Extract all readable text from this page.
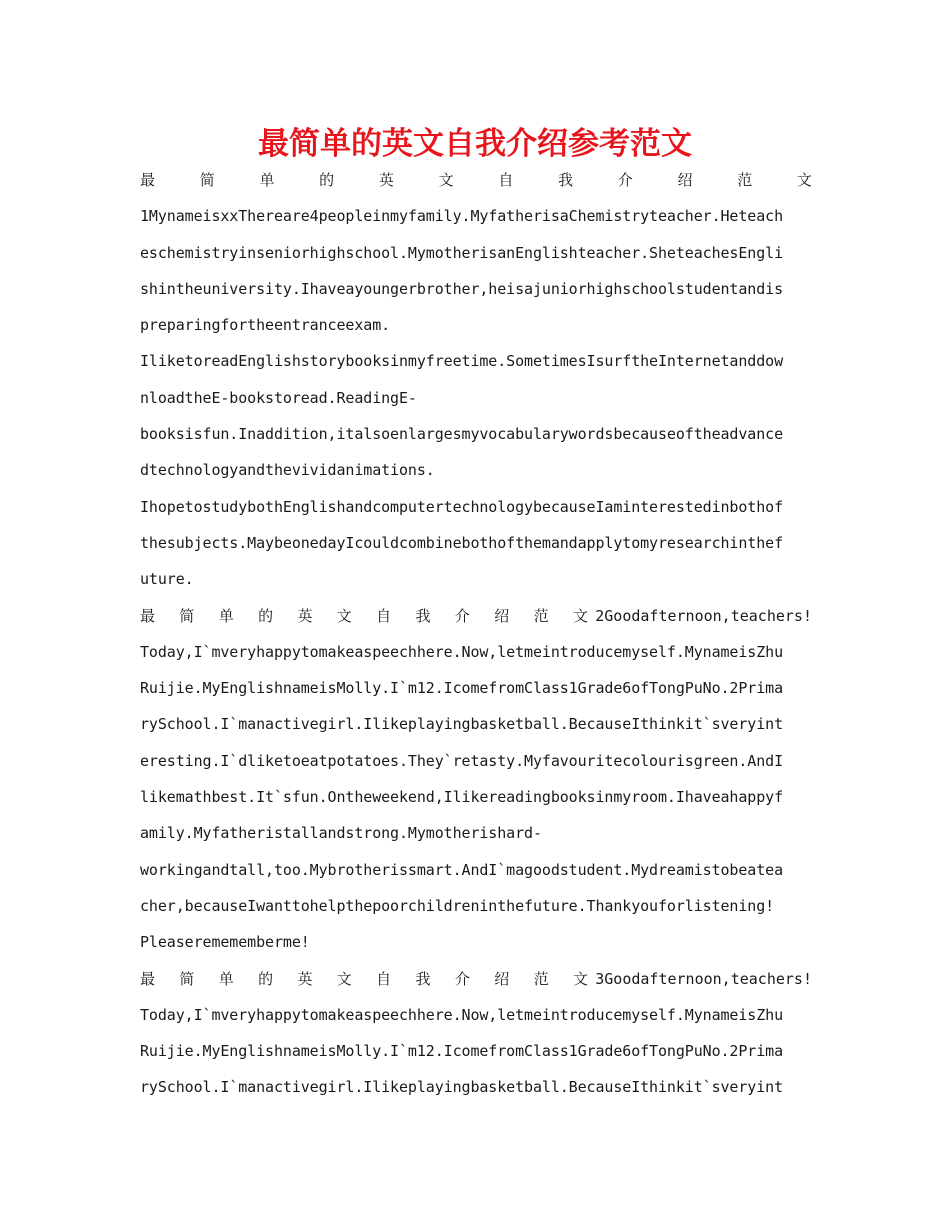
最简单的英文自我介绍参考范文
最	简	单	的	英	文	自	我	介	绍	范	文
1MynameisxxThereare4peopleinmyfamily.MyfatherisaChemistryteacher.Heteach
eschemistryinseniorhighschool.MymotherisanEnglishteacher.SheteachesEngli
shintheuniversity.Ihaveayoungerbrother,heisajuniorhighschoolstudentandis
preparingfortheentranceexam.
IliketoreadEnglishstorybooksinmyfreetime.SometimesIsurftheInternetanddow
nloadtheE-bookstoread.ReadingE-
booksisfun.Inaddition,italsoenlargesmyvocabularywordsbecauseoftheadvance
dtechnologyandthevividanimations.
IhopetostudybothEnglishandcomputertechnologybecauseIaminterestedinbothof
thesubjects.MaybeonedayIcouldcombinebothofthemandapplytomyresearchinthef
uture.
最 简 单 的 英 文 自 我 介 绍 范 文 2Goodafternoon,teachers!
Today,I`mveryhappytomakeaspeechhere.Now,letmeintroducemyself.MynameisZhu
Ruijie.MyEnglishnameisMolly.I`m12.IcomefromClass1Grade6ofTongPuNo.2Prima
rySchool.I`manactivegirl.Ilikeplayingbasketball.BecauseIthinkit`sveryint
eresting.I`dliketoeatpotatoes.They`retasty.Myfavouritecolourisgreen.AndI
likemathbest.It`sfun.Ontheweekend,Ilikereadingbooksinmyroom.Ihaveahappyf
amily.Myfatheristallandstrong.Mymotherishard-
workingandtall,too.Mybrotherissmart.AndI`magoodstudent.Mydreamistobeatea
cher,becauseIwanttohelpthepoorchildreninthefuture.Thankyouforlistening!
Pleaseremememberme!
最 简 单 的 英 文 自 我 介 绍 范 文 3Goodafternoon,teachers!
Today,I`mveryhappytomakeaspeechhere.Now,letmeintroducemyself.MynameisZhu
Ruijie.MyEnglishnameisMolly.I`m12.IcomefromClass1Grade6ofTongPuNo.2Prima
rySchool.I`manactivegirl.Ilikeplayingbasketball.BecauseIthinkit`sveryint
